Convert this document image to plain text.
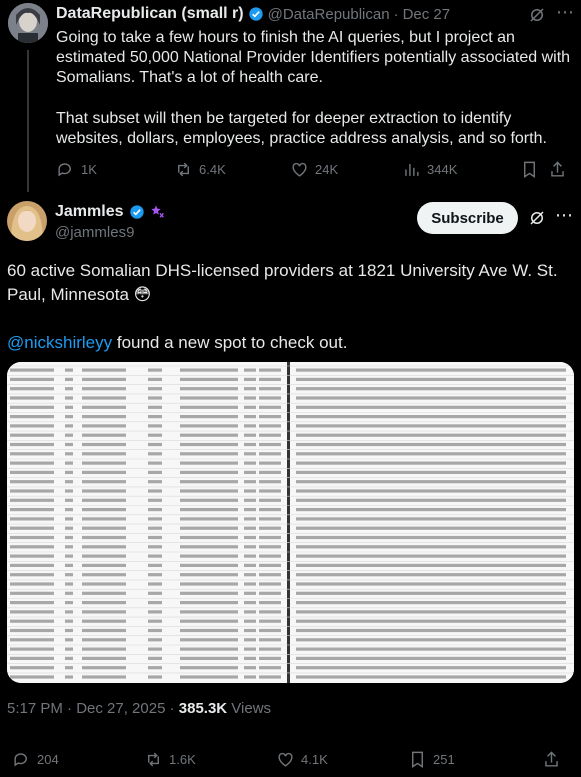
DataRepublican (small r) @DataRepublican · Dec 27	⋯
Going to take a few hours to finish the AI queries, but I project an estimated 50,000 National Provider Identifiers potentially associated with Somalians. That's a lot of health care.
That subset will then be targeted for deeper extraction to identify websites, dollars, employees, practice address analysis, and so forth.
1K	6.4K	24K	344K
Jammles
@jammles9
Subscribe	⋯
60 active Somalian DHS-licensed providers at 1821 University Ave W. St. Paul, Minnesota 😳
@nickshirleyy found a new spot to check out.
5:17 PM · Dec 27, 2025 · 385.3K Views
204	1.6K	4.1K	251
